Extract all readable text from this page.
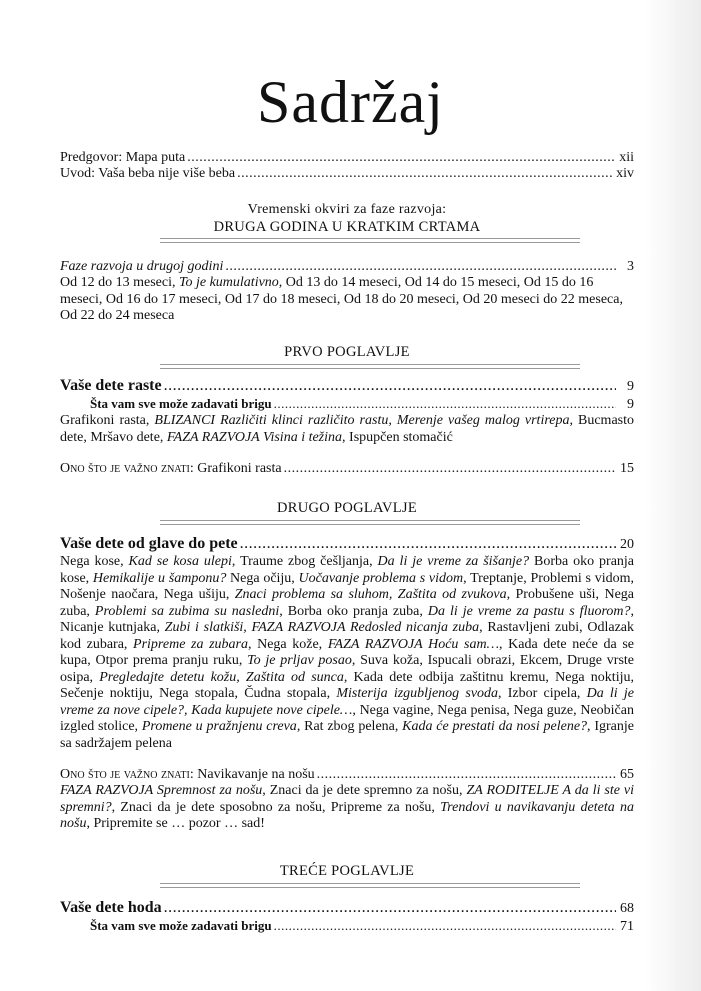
Sadržaj
Predgovor: Mapa puta .....	xii
Uvod: Vaša beba nije više beba .....	xiv
Vremenski okviri za faze razvoja:
DRUGA GODINA U KRATKIM CRTAMA
Faze razvoja u drugoj godini .....	3
Od 12 do 13 meseci, To je kumulativno, Od 13 do 14 meseci, Od 14 do 15 meseci, Od 15 do 16 meseci, Od 16 do 17 meseci, Od 17 do 18 meseci, Od 18 do 20 meseci, Od 20 meseci do 22 meseca, Od 22 do 24 meseca
PRVO POGLAVLJE
Vaše dete raste .....	9
Šta vam sve može zadavati brigu .....	9
Grafikoni rasta, BLIZANCI Različiti klinci različito rastu, Merenje vašeg malog vrtirepa, Bucmasto dete, Mršavo dete, FAZA RAZVOJA Visina i težina, Ispupčen stomačić
Ono što je važno znati: Grafikoni rasta .....	15
DRUGO POGLAVLJE
Vaše dete od glave do pete .....	20
Nega kose, Kad se kosa ulepi, Traume zbog češljanja, Da li je vreme za šišanje? Borba oko pranja kose, Hemikalije u šamponu? Nega očiju, Uočavanje problema s vidom, Treptanje, Problemi s vidom, Nošenje naočara, Nega ušiju, Znaci problema sa sluhom, Zaštita od zvukova, Probušene uši, Nega zuba, Problemi sa zubima su nasledni, Borba oko pranja zuba, Da li je vreme za pastu s fluorom?, Nicanje kutnjaka, Zubi i slatkiši, FAZA RAZVOJA Redosled nicanja zuba, Rastavljeni zubi, Odlazak kod zubara, Pripreme za zubara, Nega kože, FAZA RAZVOJA Hoću sam…, Kada dete neće da se kupa, Otpor prema pranju ruku, To je prljav posao, Suva koža, Ispucali obrazi, Ekcem, Druge vrste osipa, Pregledajte detetu kožu, Zaštita od sunca, Kada dete odbija zaštitnu kremu, Nega noktiju, Sečenje noktiju, Nega stopala, Čudna stopala, Misterija izgubljenog svoda, Izbor cipela, Da li je vreme za nove cipele?, Kada kupujete nove cipele…, Nega vagine, Nega penisa, Nega guze, Neobičan izgled stolice, Promene u pražnjenu creva, Rat zbog pelena, Kada će prestati da nosi pelene?, Igranje sa sadržajem pelena
Ono što je važno znati: Navikavanje na nošu .....	65
FAZA RAZVOJA Spremnost za nošu, Znaci da je dete spremno za nošu, ZA RODITELJE A da li ste vi spremni?, Znaci da je dete sposobno za nošu, Pripreme za nošu, Trendovi u navikavanju deteta na nošu, Pripremite se … pozor … sad!
TREĆE POGLAVLJE
Vaše dete hoda .....	68
Šta vam sve može zadavati brigu .....	71
